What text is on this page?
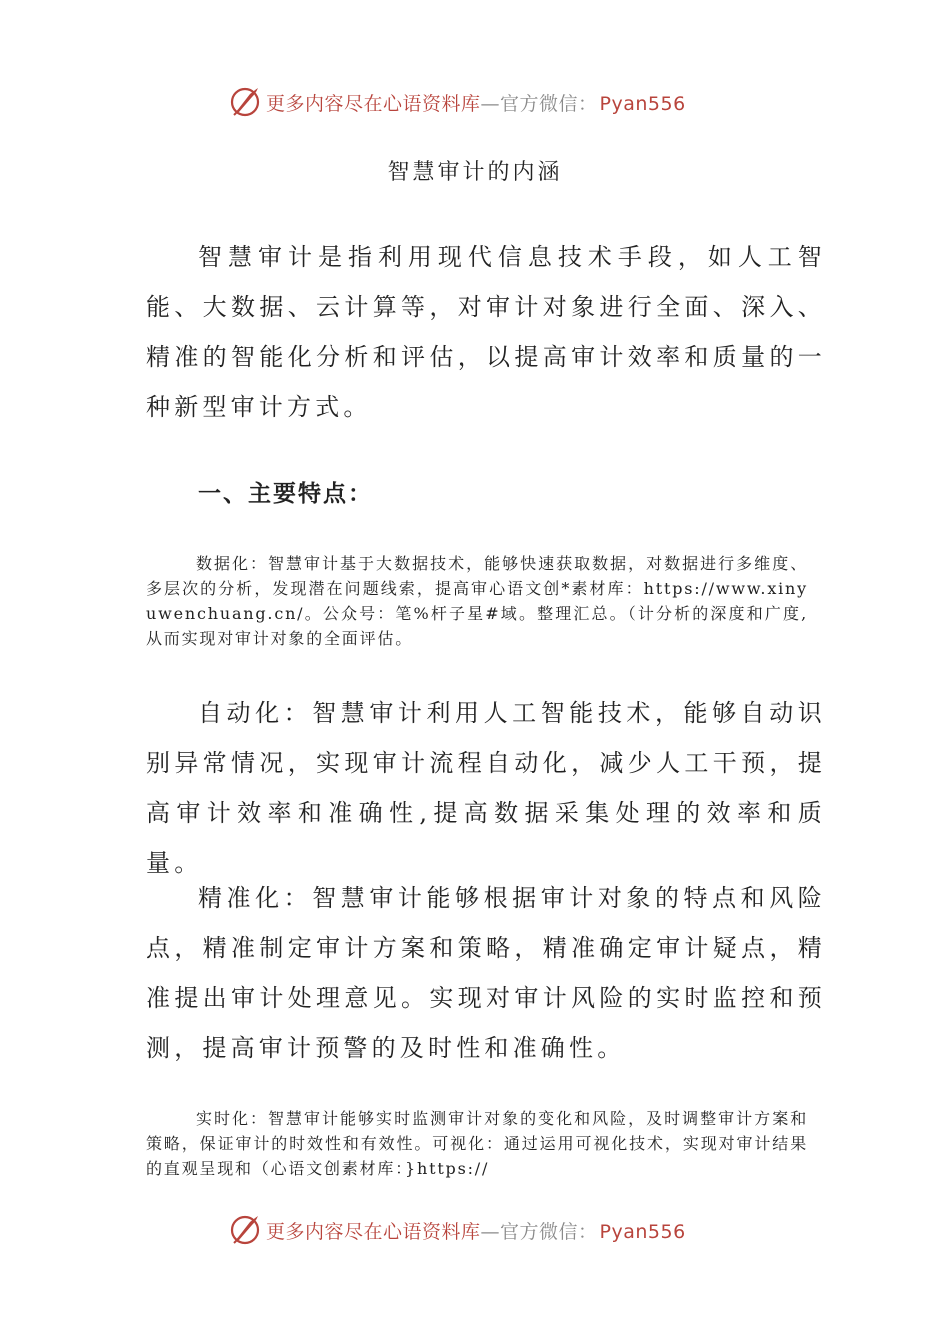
更多内容尽在心语资料库—官方微信： Pyan556
智慧审计的内涵

智慧审计是指利用现代信息技术手段，如人工智能、大数据、云计算等，对审计对象进行全面、深入、精准的智能化分析和评估，以提高审计效率和质量的一种新型审计方式。

一、主要特点：

数据化：智慧审计基于大数据技术，能够快速获取数据，对数据进行多维度、多层次的分析，发现潜在问题线索，提高审心语文创*素材库：https://www.xinyuwenchuang.cn/。公众号：笔%杆子星#域。整理汇总。（计分析的深度和广度,从而实现对审计对象的全面评估。

自动化：智慧审计利用人工智能技术，能够自动识别异常情况，实现审计流程自动化，减少人工干预，提高审计效率和准确性,提高数据采集处理的效率和质量。

精准化：智慧审计能够根据审计对象的特点和风险点，精准制定审计方案和策略，精准确定审计疑点，精准提出审计处理意见。实现对审计风险的实时监控和预测，提高审计预警的及时性和准确性。

实时化：智慧审计能够实时监测审计对象的变化和风险，及时调整审计方案和策略，保证审计的时效性和有效性。可视化：通过运用可视化技术，实现对审计结果的直观呈现和（心语文创素材库：}https://

更多内容尽在心语资料库—官方微信： Pyan556
